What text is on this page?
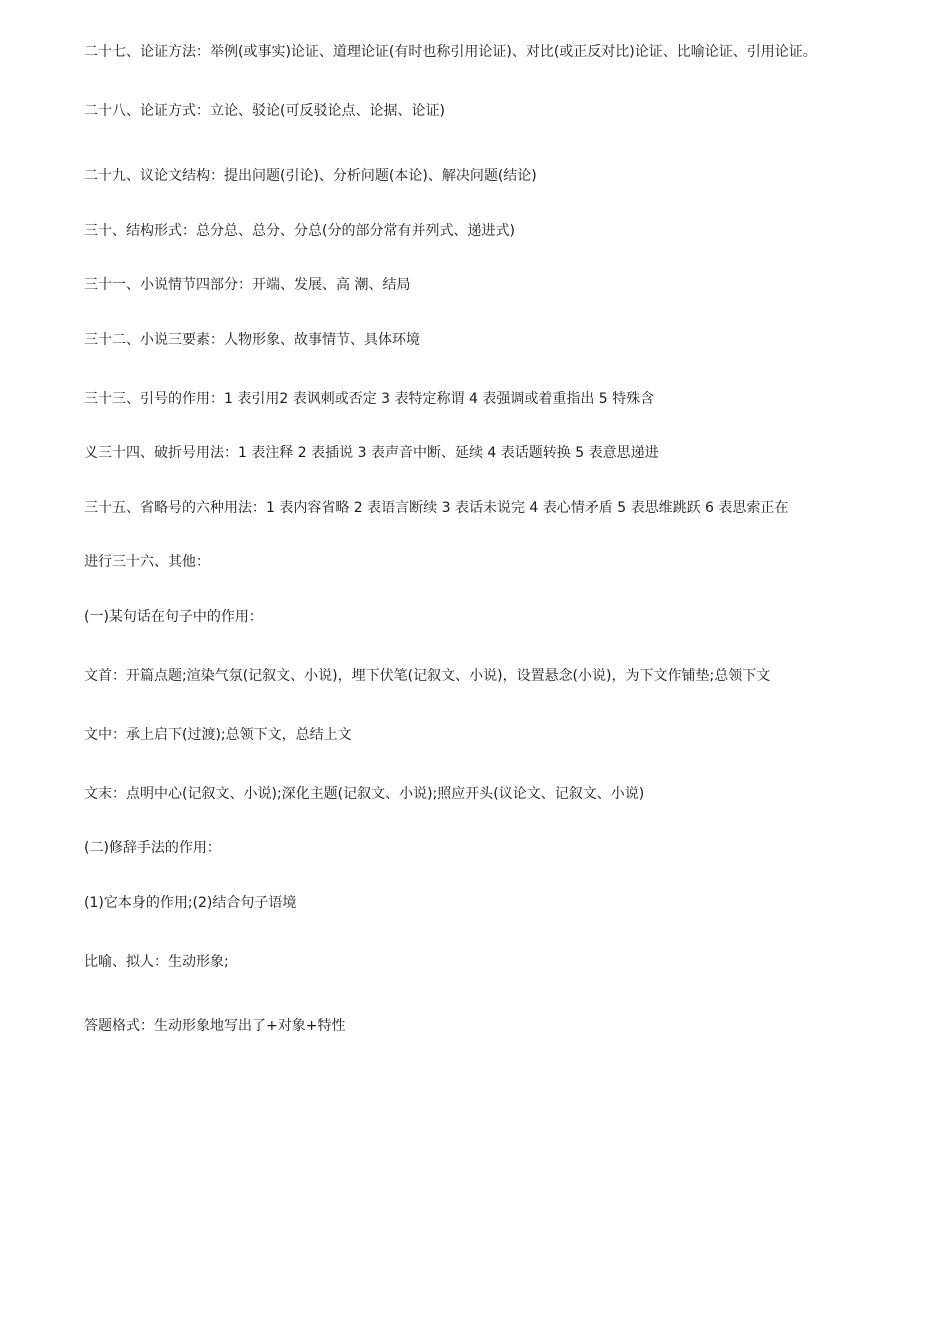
二十七、论证方法：举例(或事实)论证、道理论证(有时也称引用论证)、对比(或正反对比)论证、比喻论证、引用论证。
二十八、论证方式：立论、驳论(可反驳论点、论据、论证)
二十九、议论文结构：提出问题(引论)、分析问题(本论)、解决问题(结论)
三十、结构形式：总分总、总分、分总(分的部分常有并列式、递进式)
三十一、小说情节四部分：开端、发展、高 潮、结局
三十二、小说三要素：人物形象、故事情节、具体环境
三十三、引号的作用：1 表引用2 表讽刺或否定 3 表特定称谓 4 表强调或着重指出 5 特殊含
义三十四、破折号用法：1 表注释 2 表插说 3 表声音中断、延续 4 表话题转换 5 表意思递进
三十五、省略号的六种用法：1 表内容省略 2 表语言断续 3 表话未说完 4 表心情矛盾 5 表思维跳跃 6 表思索正在
进行三十六、其他：
(一)某句话在句子中的作用：
文首：开篇点题;渲染气氛(记叙文、小说)，埋下伏笔(记叙文、小说)，设置悬念(小说)，为下文作铺垫;总领下文
文中：承上启下(过渡);总领下文，总结上文
文末：点明中心(记叙文、小说);深化主题(记叙文、小说);照应开头(议论文、记叙文、小说)
(二)修辞手法的作用：
(1)它本身的作用;(2)结合句子语境
比喻、拟人：生动形象;
答题格式：生动形象地写出了+对象+特性
